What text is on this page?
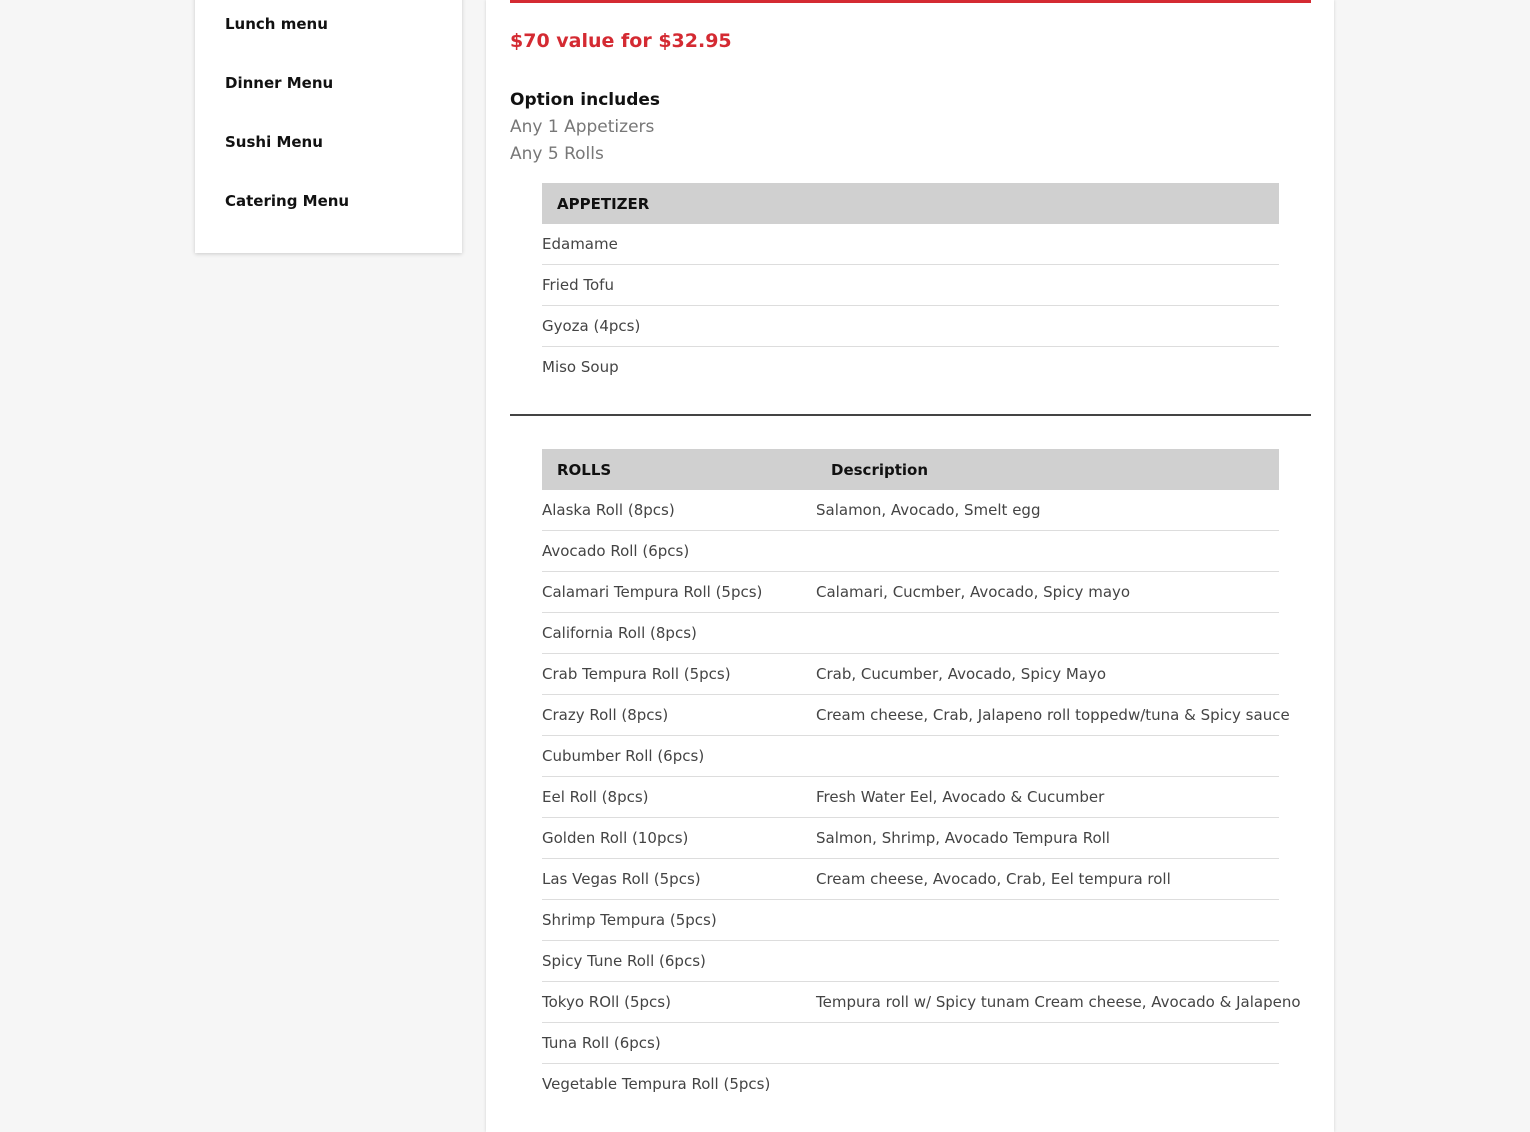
Lunch menu
Dinner Menu
Sushi Menu
Catering Menu
$70 value for $32.95
Option includes
Any 1 Appetizers
Any 5 Rolls
APPETIZER
Edamame
Fried Tofu
Gyoza (4pcs)
Miso Soup
ROLLS	Description
Alaska Roll (8pcs)	Salamon, Avocado, Smelt egg
Avocado Roll (6pcs)
Calamari Tempura Roll (5pcs)	Calamari, Cucmber, Avocado, Spicy mayo
California Roll (8pcs)
Crab Tempura Roll (5pcs)	Crab, Cucumber, Avocado, Spicy Mayo
Crazy Roll (8pcs)	Cream cheese, Crab, Jalapeno roll toppedw/tuna & Spicy sauce
Cubumber Roll (6pcs)
Eel Roll (8pcs)	Fresh Water Eel, Avocado & Cucumber
Golden Roll (10pcs)	Salmon, Shrimp, Avocado Tempura Roll
Las Vegas Roll (5pcs)	Cream cheese, Avocado, Crab, Eel tempura roll
Shrimp Tempura (5pcs)
Spicy Tune Roll (6pcs)
Tokyo ROll (5pcs)	Tempura roll w/ Spicy tunam Cream cheese, Avocado & Jalapeno
Tuna Roll (6pcs)
Vegetable Tempura Roll (5pcs)
